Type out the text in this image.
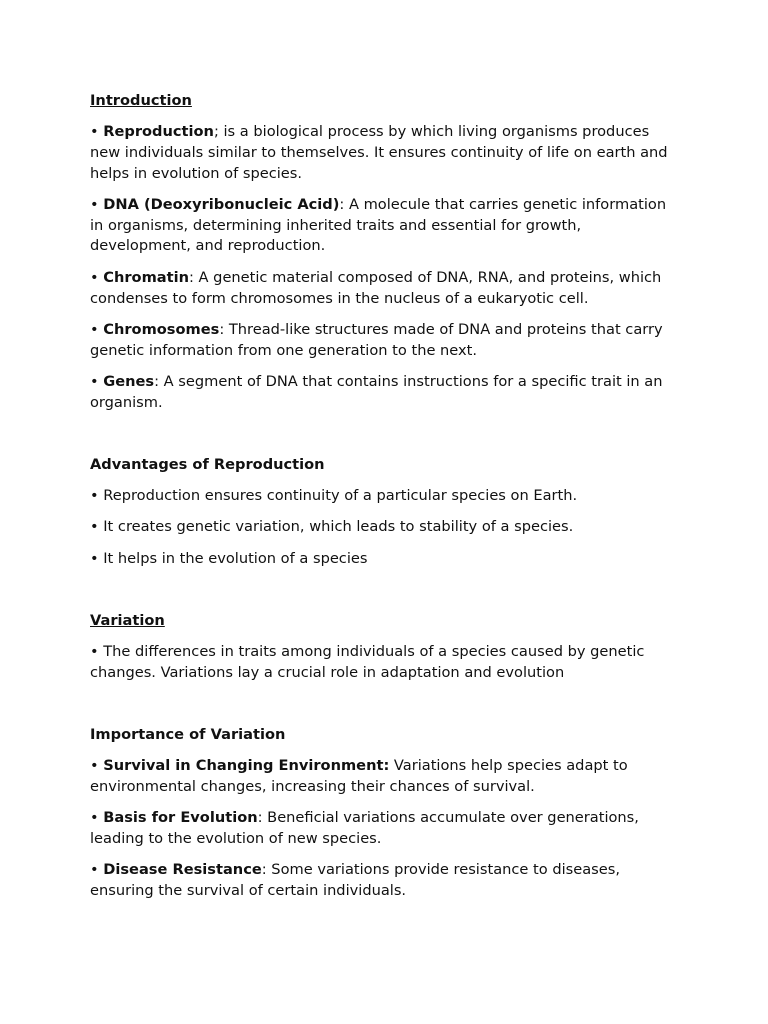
Introduction
• Reproduction; is a biological process by which living organisms produces new individuals similar to themselves. It ensures continuity of life on earth and helps in evolution of species.
• DNA (Deoxyribonucleic Acid): A molecule that carries genetic information in organisms, determining inherited traits and essential for growth, development, and reproduction.
• Chromatin: A genetic material composed of DNA, RNA, and proteins, which condenses to form chromosomes in the nucleus of a eukaryotic cell.
• Chromosomes: Thread-like structures made of DNA and proteins that carry genetic information from one generation to the next.
• Genes: A segment of DNA that contains instructions for a specific trait in an organism.
Advantages of Reproduction
• Reproduction ensures continuity of a particular species on Earth.
• It creates genetic variation, which leads to stability of a species.
• It helps in the evolution of a species
Variation
• The differences in traits among individuals of a species caused by genetic changes. Variations lay a crucial role in adaptation and evolution
Importance of Variation
• Survival in Changing Environment: Variations help species adapt to environmental changes, increasing their chances of survival.
• Basis for Evolution: Beneficial variations accumulate over generations, leading to the evolution of new species.
• Disease Resistance: Some variations provide resistance to diseases, ensuring the survival of certain individuals.
